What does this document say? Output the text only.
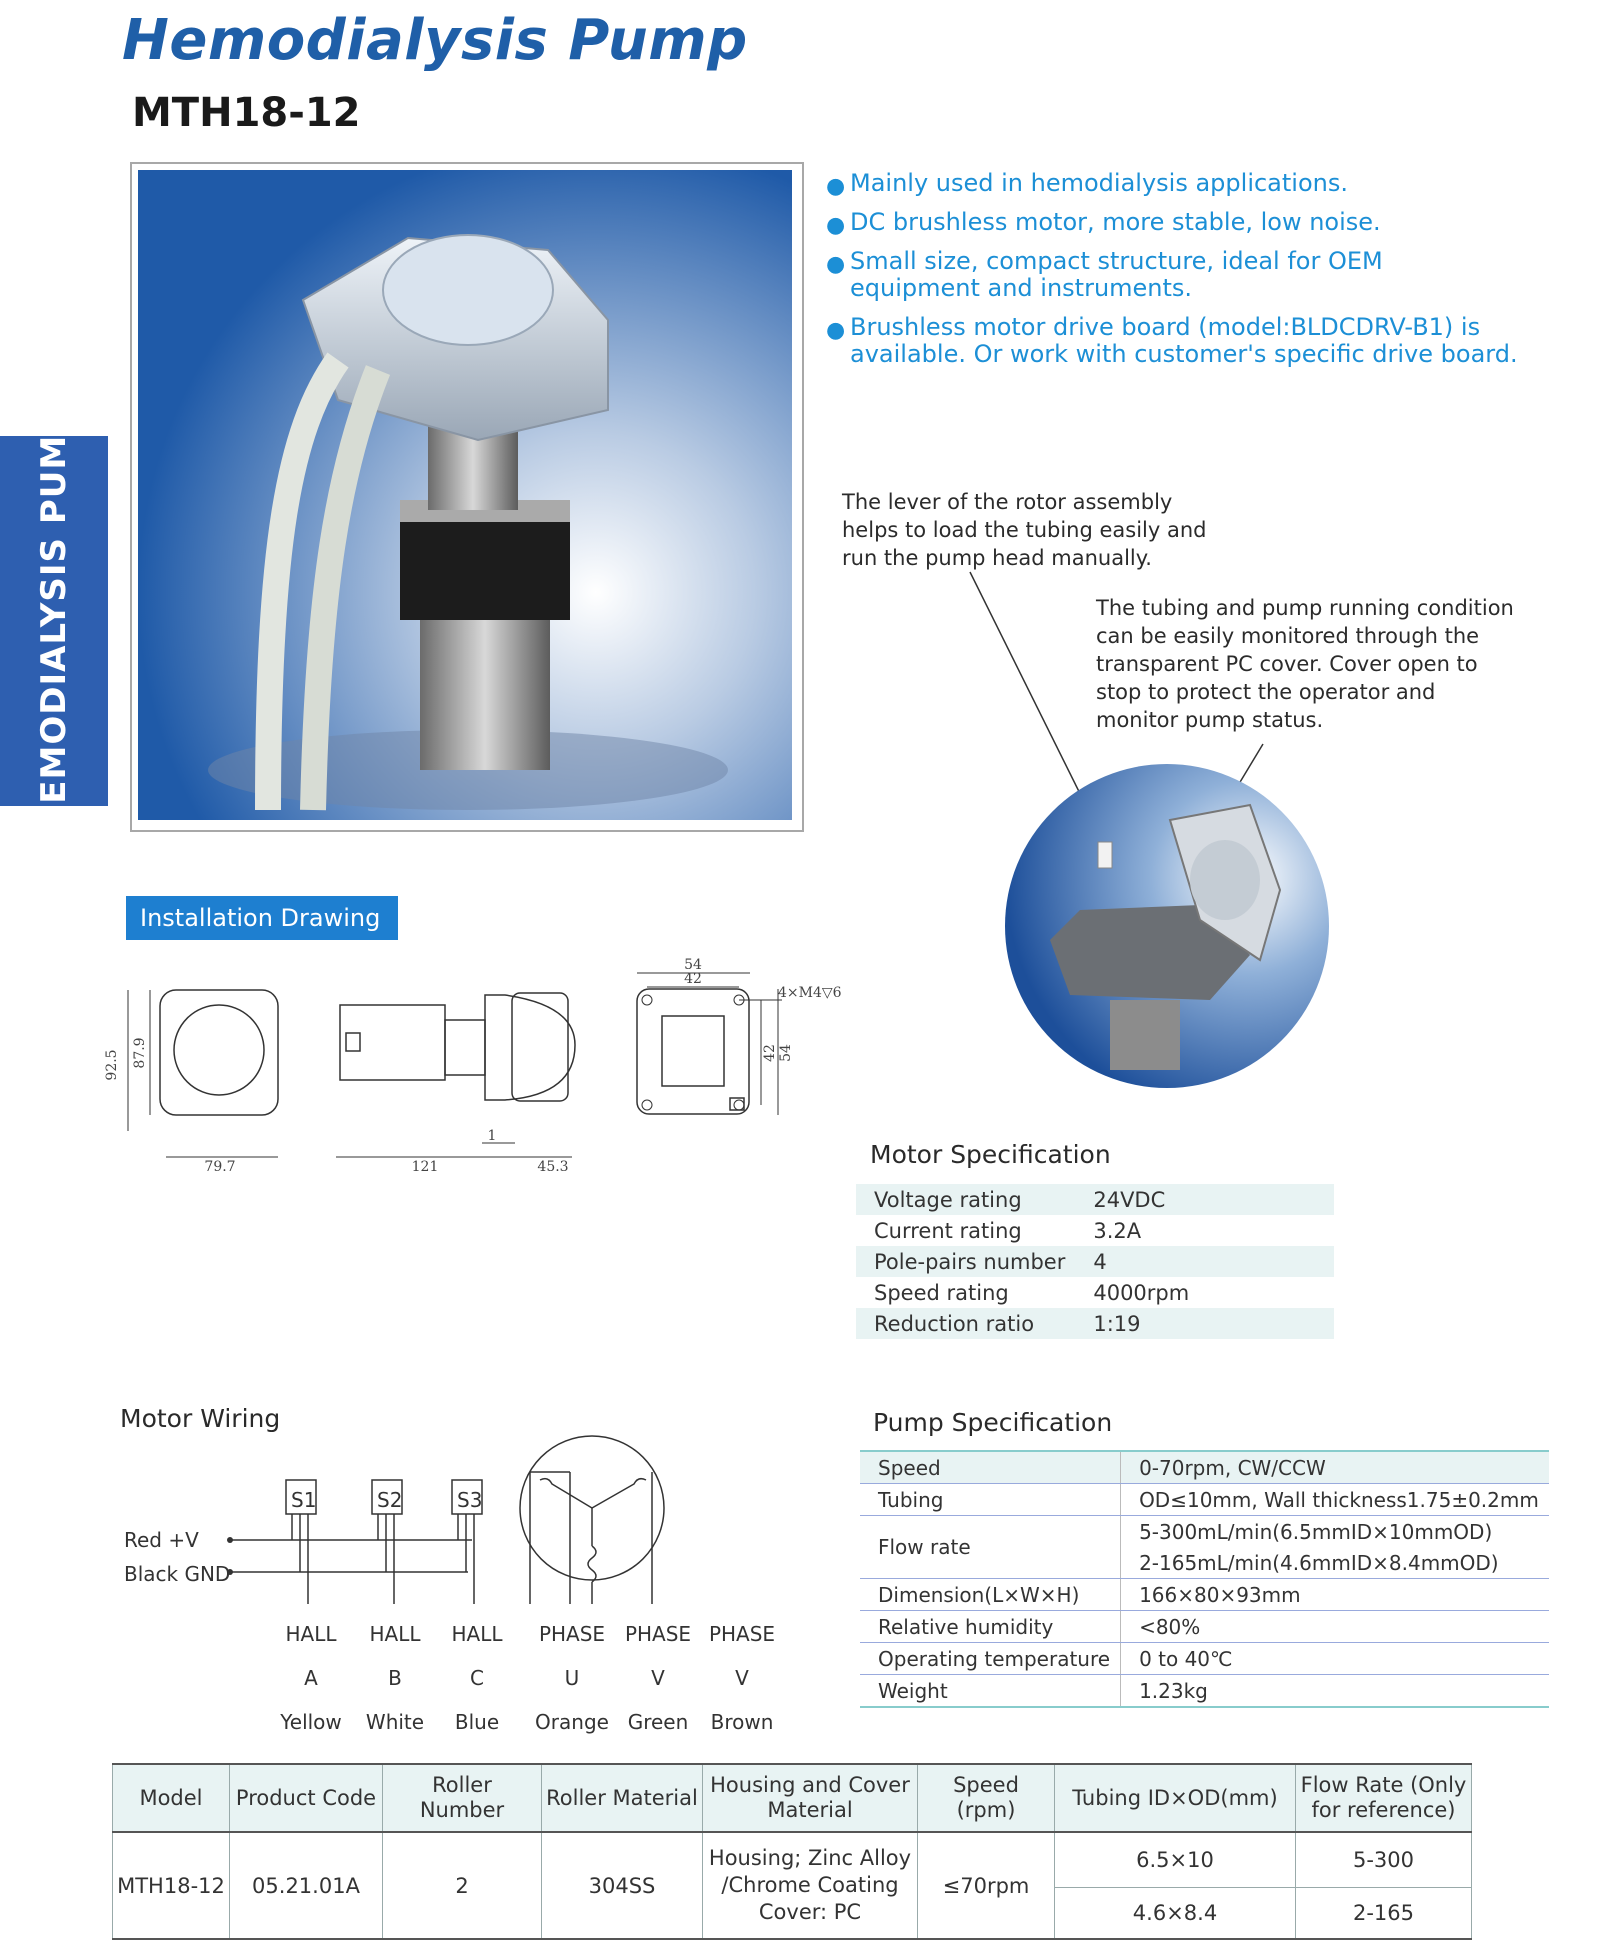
Hemodialysis Pump
MTH18-12
HEMODIALYSIS PUMP
● Mainly used in hemodialysis applications.
● DC brushless motor, more stable, low noise.
● Small size, compact structure, ideal for OEM equipment and instruments.
● Brushless motor drive board (model:BLDCDRV-B1) is available. Or work with customer's specific drive board.
The lever of the rotor assembly helps to load the tubing easily and run the pump head manually.
The tubing and pump running condition can be easily monitored through the transparent PC cover. Cover open to stop to protect the operator and monitor pump status.
Installation Drawing
92.5 87.9
79.7	121
1
45.3
54
42
42 54
4×M4▽6
Motor Specification
Voltage rating	24VDC
Current rating	3.2A
Pole-pairs number	4
Speed rating	4000rpm
Reduction ratio	1:19
Motor Wiring
S1	S2	S3
Red +V
Black GND
HALL
A
Yellow
HALL
B
White
HALL
C
Blue
PHASE
U
Orange
PHASE
V
Green
PHASE
V
Brown
Pump Specification
Speed	0-70rpm, CW/CCW
Tubing	OD≤10mm, Wall thickness1.75±0.2mm
Flow rate	5-300mL/min(6.5mmID×10mmOD)
	2-165mL/min(4.6mmID×8.4mmOD)
Dimension(L×W×H)	166×80×93mm
Relative humidity	<80%
Operating temperature	0 to 40℃
Weight	1.23kg
Model	Product Code	Roller Number	Roller Material	Housing and Cover Material	Speed (rpm)	Tubing ID×OD(mm)	Flow Rate (Only for reference)
MTH18-12	05.21.01A	2	304SS	Housing; Zinc Alloy /Chrome Coating Cover: PC	≤70rpm	6.5×10	5-300
						4.6×8.4	2-165
